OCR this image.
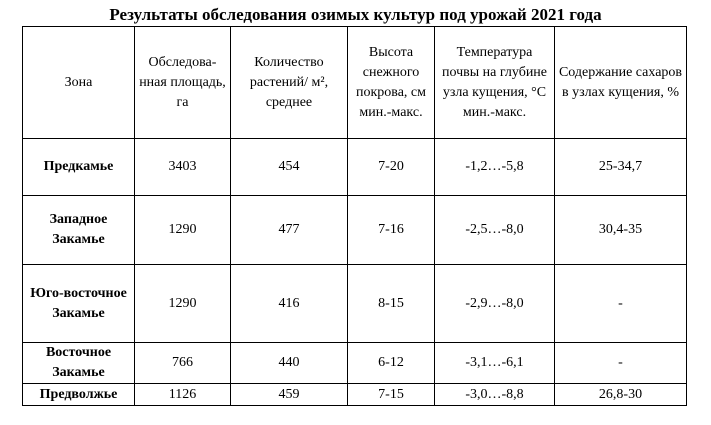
Результаты обследования озимых культур под урожай 2021 года
Зона	Обследованная площадь, га	Количество растений/ м², среднее	Высота снежного покрова, см мин.-макс.	Температура почвы на глубине узла кущения, °С мин.-макс.	Содержание сахаров в узлах кущения, %
Предкамье	3403	454	7-20	-1,2…-5,8	25-34,7
Западное Закамье	1290	477	7-16	-2,5…-8,0	30,4-35
Юго-восточное Закамье	1290	416	8-15	-2,9…-8,0	-
Восточное Закамье	766	440	6-12	-3,1…-6,1	-
Предволжье	1126	459	7-15	-3,0…-8,8	26,8-30
